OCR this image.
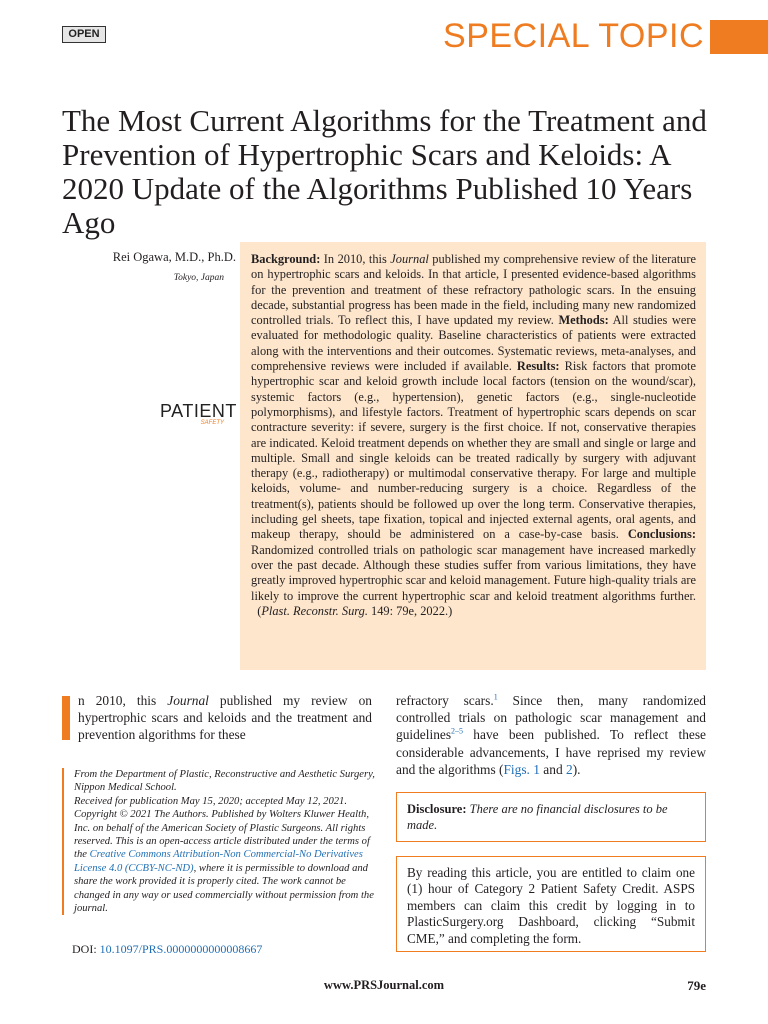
OPEN	SPECIAL TOPIC
The Most Current Algorithms for the Treatment and Prevention of Hypertrophic Scars and Keloids: A 2020 Update of the Algorithms Published 10 Years Ago
Rei Ogawa, M.D., Ph.D.
Tokyo, Japan
PATIENT
SAFETY

Background: In 2010, this Journal published my comprehensive review of the literature on hypertrophic scars and keloids. In that article, I presented evidence-based algorithms for the prevention and treatment of these refractory pathologic scars. In the ensuing decade, substantial progress has been made in the field, including many new randomized controlled trials. To reflect this, I have updated my review. Methods: All studies were evaluated for methodologic quality. Baseline characteristics of patients were extracted along with the interventions and their outcomes. Systematic reviews, meta-analyses, and comprehensive reviews were included if available. Results: Risk factors that promote hypertrophic scar and keloid growth include local factors (tension on the wound/scar), systemic factors (e.g., hypertension), genetic factors (e.g., single-nucleotide polymorphisms), and lifestyle factors. Treatment of hypertrophic scars depends on scar contracture severity: if severe, surgery is the first choice. If not, conservative therapies are indicated. Keloid treatment depends on whether they are small and single or large and multiple. Small and single keloids can be treated radically by surgery with adjuvant therapy (e.g., radiotherapy) or multimodal conservative therapy. For large and multiple keloids, volume- and number-reducing surgery is a choice. Regardless of the treatment(s), patients should be followed up over the long term. Conservative therapies, including gel sheets, tape fixation, topical and injected external agents, oral agents, and makeup therapy, should be administered on a case-by-case basis. Conclusions: Randomized controlled trials on pathologic scar management have increased markedly over the past decade. Although these studies suffer from various limitations, they have greatly improved hypertrophic scar and keloid management. Future high-quality trials are likely to improve the current hypertrophic scar and keloid treatment algorithms further.   (Plast. Reconstr. Surg. 149: 79e, 2022.)

n 2010, this Journal published my review on hypertrophic scars and keloids and the treatment and prevention algorithms for these
refractory scars.$^1$ Since then, many randomized controlled trials on pathologic scar management and guidelines$^{2-5}$ have been published. To reflect these considerable advancements, I have reprised my review and the algorithms (Figs. 1 and 2).

From the Department of Plastic, Reconstructive and Aesthetic Surgery, Nippon Medical School.

Received for publication May 15, 2020; accepted May 12, 2021.

Copyright © 2021 The Authors. Published by Wolters Kluwer Health, Inc. on behalf of the American Society of Plastic Surgeons. All rights reserved. This is an open-access article distributed under the terms of the Creative Commons Attribution-Non Commercial-No Derivatives License 4.0 (CCBY-NC-ND), where it is permissible to download and share the work provided it is properly cited. The work cannot be changed in any way or used commercially without permission from the journal.

DOI: 10.1097/PRS.0000000000008667
Disclosure: There are no financial disclosures to be made.
By reading this article, you are entitled to claim one (1) hour of Category 2 Patient Safety Credit. ASPS members can claim this credit by logging in to PlasticSurgery.org Dashboard, clicking “Submit CME,” and completing the form.
www.PRSJournal.com	79e
